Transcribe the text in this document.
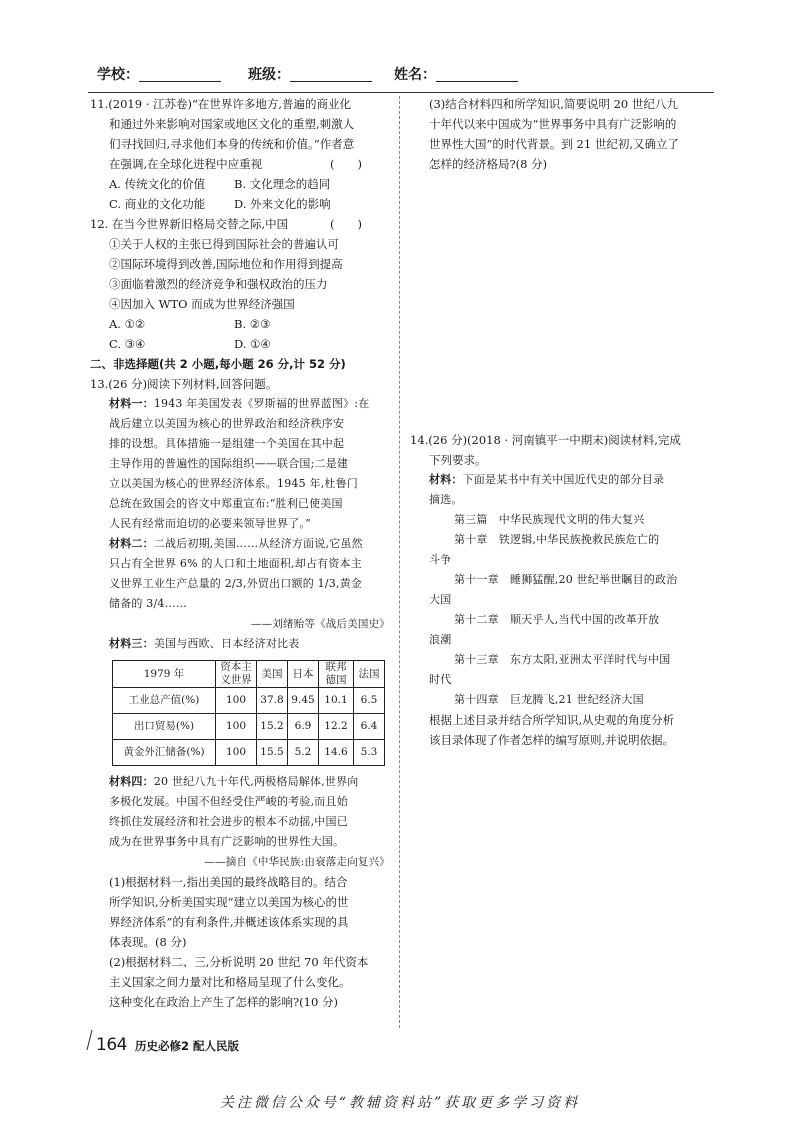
学校：	班级：	姓名：

11.(2019 · 江苏卷)“在世界许多地方,普遍的商业化

和通过外来影响对国家或地区文化的重塑,刺激人

们寻找回归,寻求他们本身的传统和价值。”作者意

在强调,在全球化进程中应重视	(　　)

A. 传统文化的价值	B. 文化理念的趋同
C. 商业的文化功能	D. 外来文化的影响

12. 在当今世界新旧格局交替之际,中国	(　　)

①关于人权的主张已得到国际社会的普遍认可

②国际环境得到改善,国际地位和作用得到提高

③面临着激烈的经济竞争和强权政治的压力

④因加入 WTO 而成为世界经济强国

A. ①②	B. ②③
C. ③④	D. ①④

二、非选择题(共 2 小题,每小题 26 分,计 52 分)

13.(26 分)阅读下列材料,回答问题。

材料一：1943 年美国发表《罗斯福的世界蓝图》:在

战后建立以美国为核心的世界政治和经济秩序安

排的设想。具体措施一是组建一个美国在其中起

主导作用的普遍性的国际组织——联合国;二是建

立以美国为核心的世界经济体系。1945 年,杜鲁门

总统在致国会的咨文中郑重宣布:“胜利已使美国

人民有经常而迫切的必要来领导世界了。”

材料二：二战后初期,美国……从经济方面说,它虽然

只占有全世界 6% 的人口和土地面积,却占有资本主

义世界工业生产总量的 2/3,外贸出口额的 1/3,黄金

储备的 3/4……

——刘绪贻等《战后美国史》

材料三：美国与西欧、日本经济对比表

1979 年	资本主义世界	美国	日本	联邦德国	法国
工业总产值(%)	100	37.8	9.45	10.1	6.5
出口贸易(%)	100	15.2	6.9	12.2	6.4
黄金外汇储备(%)	100	15.5	5.2	14.6	5.3

材料四：20 世纪八九十年代,两极格局解体,世界向

多极化发展。中国不但经受住严峻的考验,而且始

终抓住发展经济和社会进步的根本不动摇,中国已

成为在世界事务中具有广泛影响的世界性大国。

——摘自《中华民族:由衰落走向复兴》

(1)根据材料一,指出美国的最终战略目的。结合

所学知识,分析美国实现“建立以美国为核心的世

界经济体系”的有利条件,并概述该体系实现的具

体表现。(8 分)

(2)根据材料二、三,分析说明 20 世纪 70 年代资本

主义国家之间力量对比和格局呈现了什么变化。

这种变化在政治上产生了怎样的影响?(10 分)

(3)结合材料四和所学知识,简要说明 20 世纪八九

十年代以来中国成为“世界事务中具有广泛影响的

世界性大国”的时代背景。到 21 世纪初,又确立了

怎样的经济格局?(8 分)

14.(26 分)(2018 · 河南镇平一中期末)阅读材料,完成

下列要求。

材料：下面是某书中有关中国近代史的部分目录

摘选。

第三篇　中华民族现代文明的伟大复兴

第十章　铁逻辑,中华民族挽救民族危亡的

斗争

第十一章　睡狮猛醒,20 世纪举世瞩目的政治

大国

第十二章　顺天乎人,当代中国的改革开放

浪潮

第十三章　东方太阳,亚洲太平洋时代与中国

时代

第十四章　巨龙腾飞,21 世纪经济大国

根据上述目录并结合所学知识,从史观的角度分析

该目录体现了作者怎样的编写原则,并说明依据。

164 历史必修2 配人民版
关注微信公众号“教辅资料站”获取更多学习资料
